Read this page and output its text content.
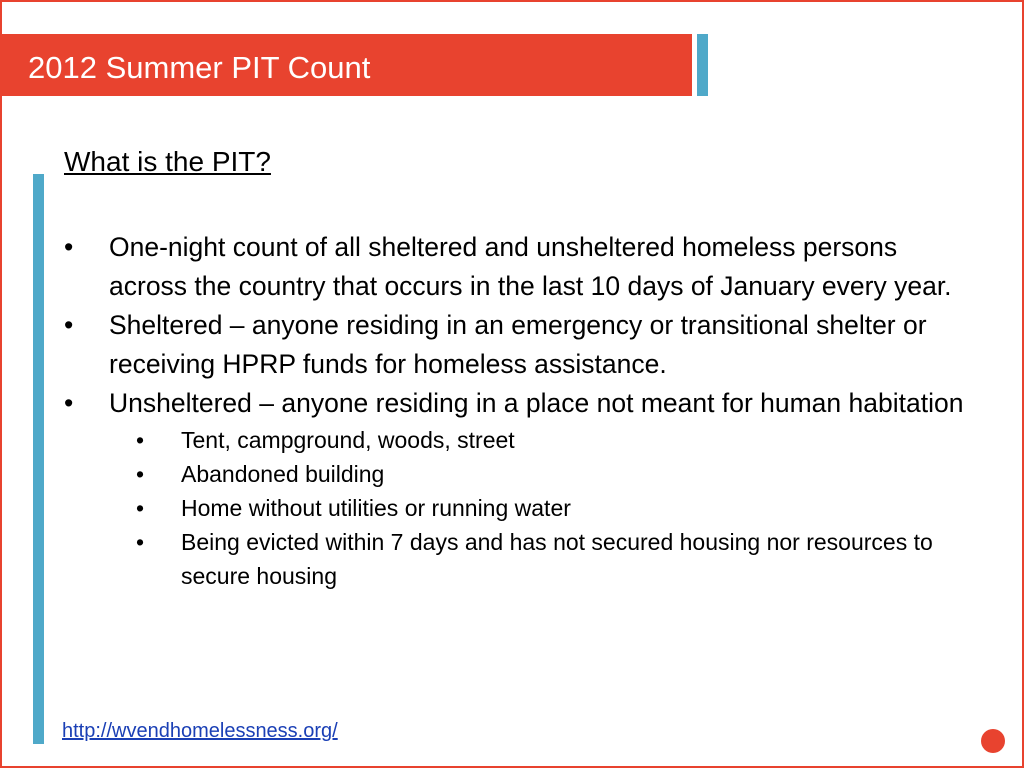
2012 Summer PIT Count
What is the PIT?
•	One-night count of all sheltered and unsheltered homeless persons across the country that occurs in the last 10 days of January every year.
•	Sheltered – anyone residing in an emergency or transitional shelter or receiving HPRP funds for homeless assistance.
•	Unsheltered – anyone residing in a place not meant for human habitation
•	Tent, campground, woods, street
•	Abandoned building
•	Home without utilities or running water
•	Being evicted within 7 days and has not secured housing nor resources to secure housing
http://wvendhomelessness.org/
